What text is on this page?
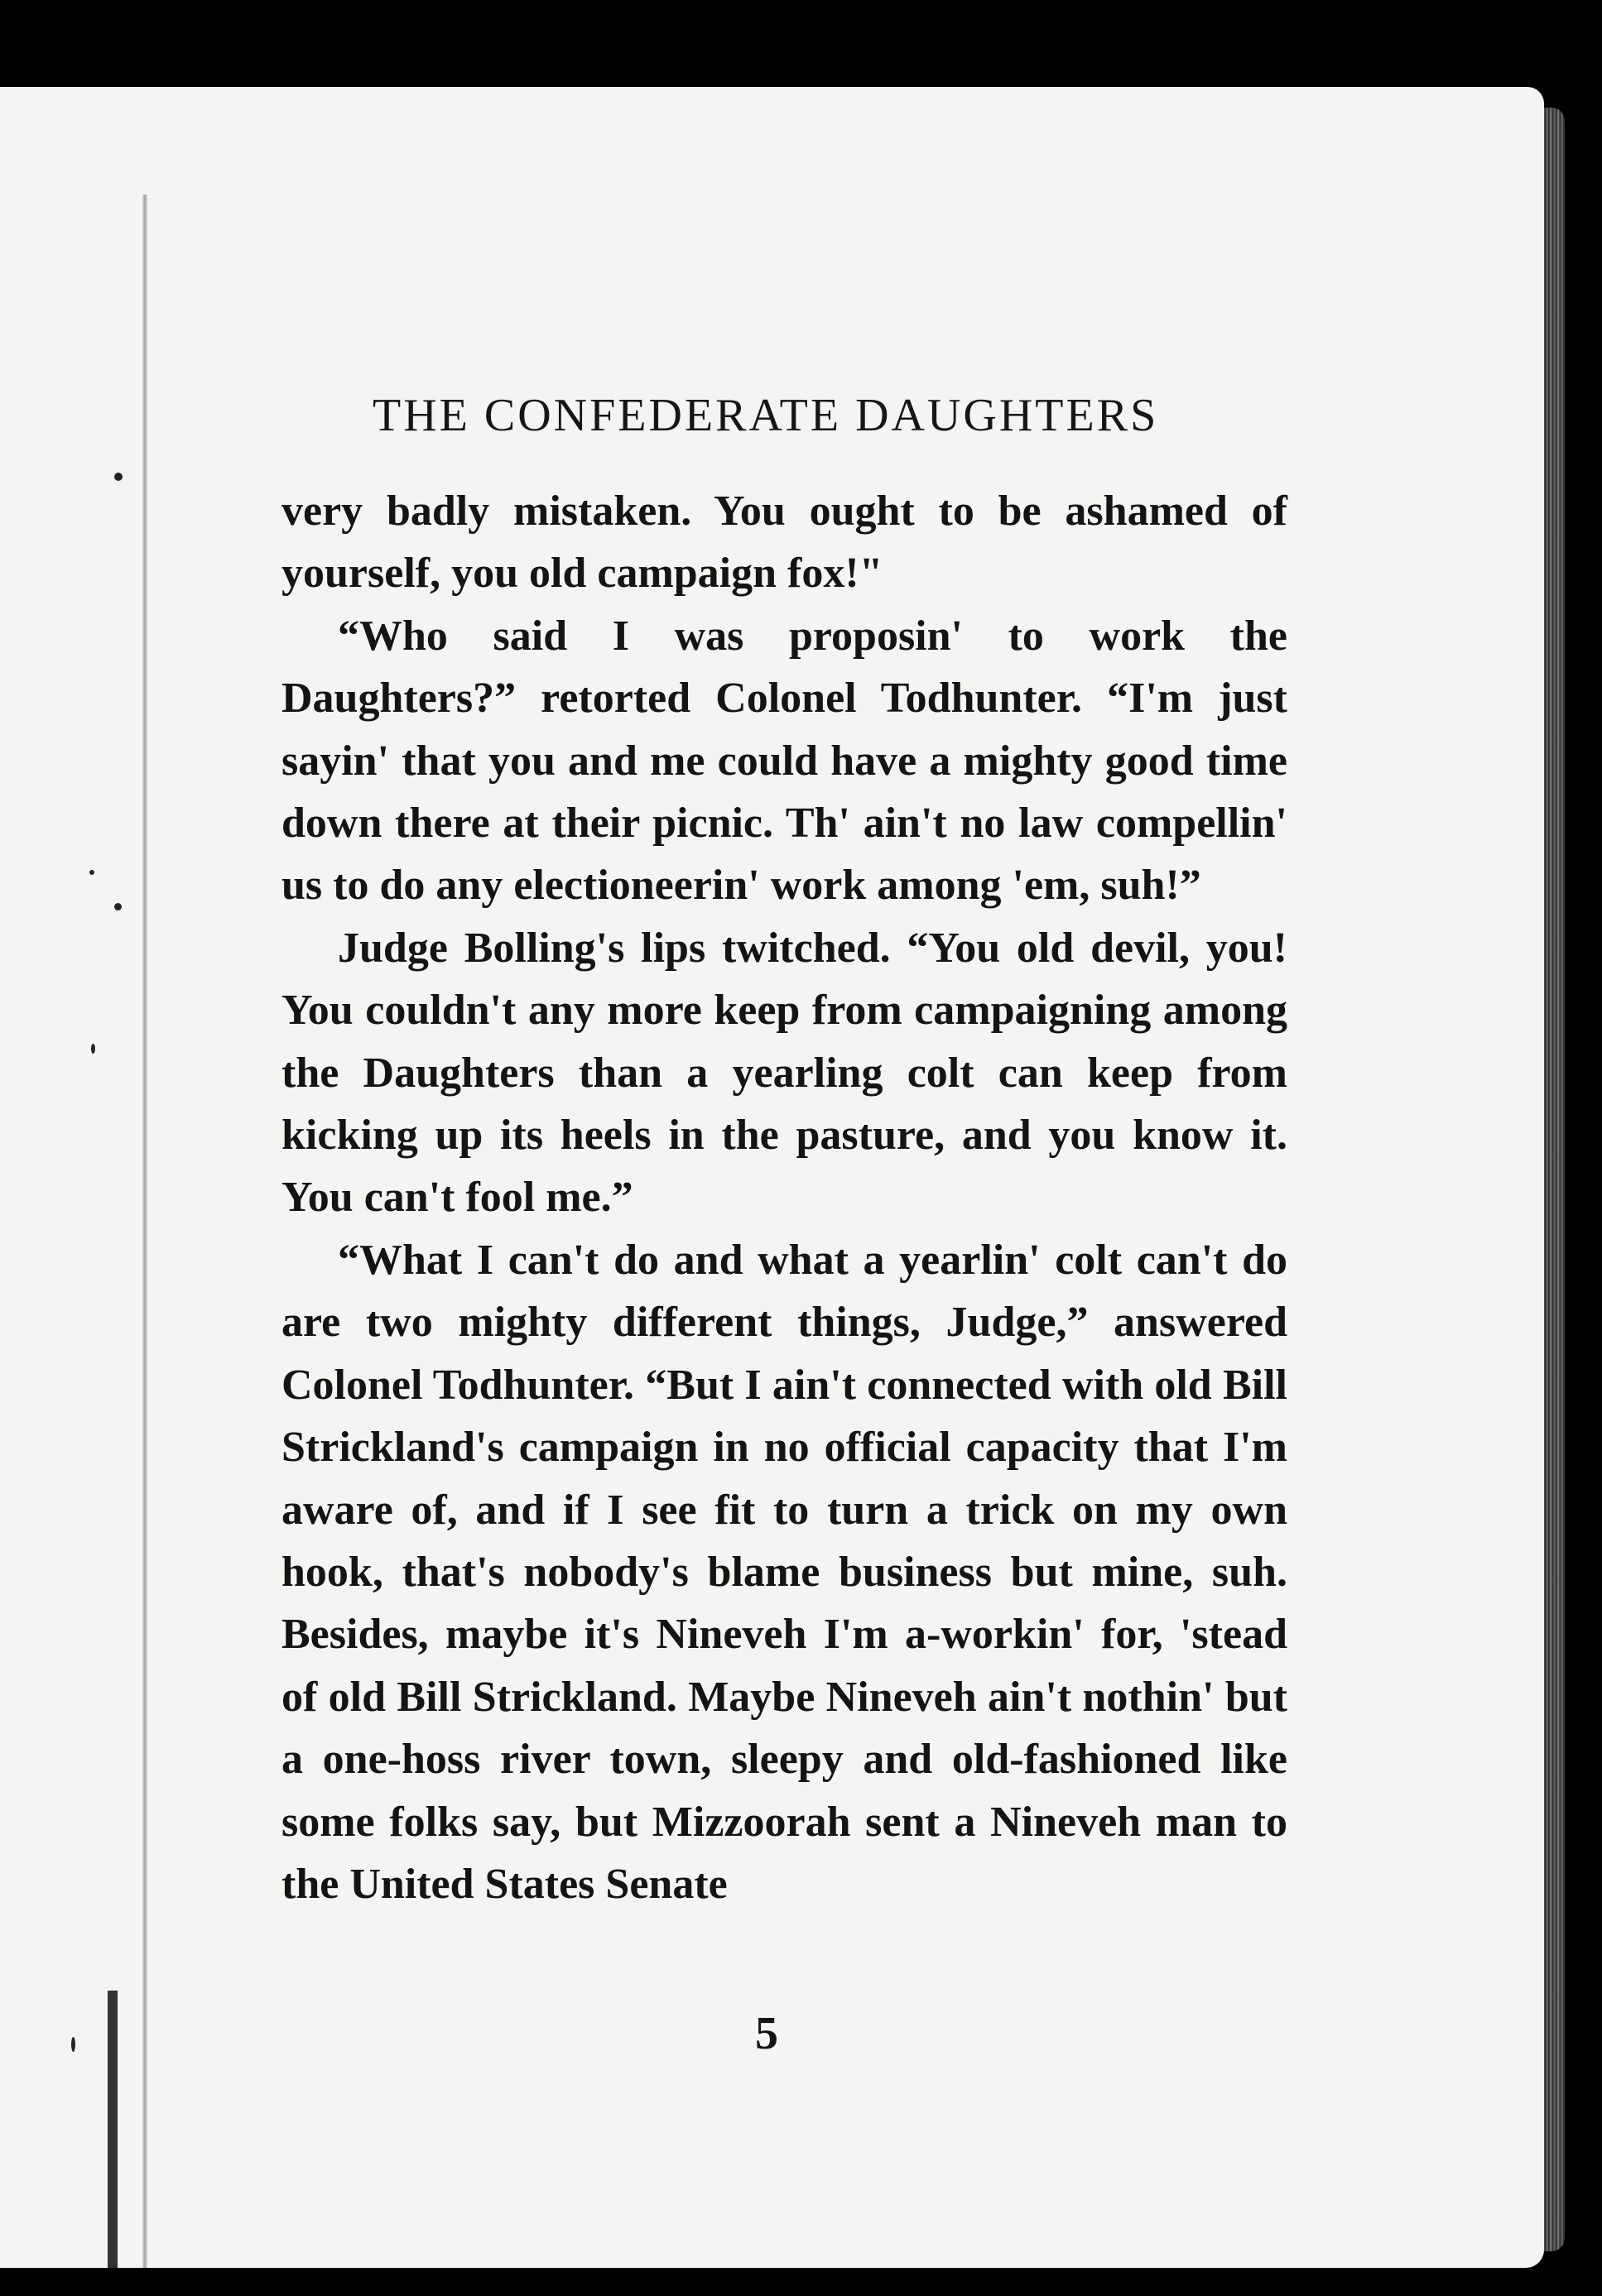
THE CONFEDERATE DAUGHTERS

very badly mistaken. You ought to be ashamed of yourself, you old campaign fox!"

“Who said I was proposin' to work the Daughters?” retorted Colonel Todhunter. “I'm just sayin' that you and me could have a mighty good time down there at their picnic. Th' ain't no law compellin' us to do any electioneerin' work among 'em, suh!”

Judge Bolling's lips twitched. “You old devil, you! You couldn't any more keep from campaigning among the Daughters than a yearling colt can keep from kicking up its heels in the pasture, and you know it. You can't fool me.”

“What I can't do and what a yearlin' colt can't do are two mighty different things, Judge,” answered Colonel Todhunter. “But I ain't connected with old Bill Strickland's campaign in no official capacity that I'm aware of, and if I see fit to turn a trick on my own hook, that's nobody's blame business but mine, suh. Besides, maybe it's Nineveh I'm a-workin' for, 'stead of old Bill Strickland. Maybe Nineveh ain't nothin' but a one-hoss river town, sleepy and old-fashioned like some folks say, but Mizzoorah sent a Nineveh man to the United States Senate

5
